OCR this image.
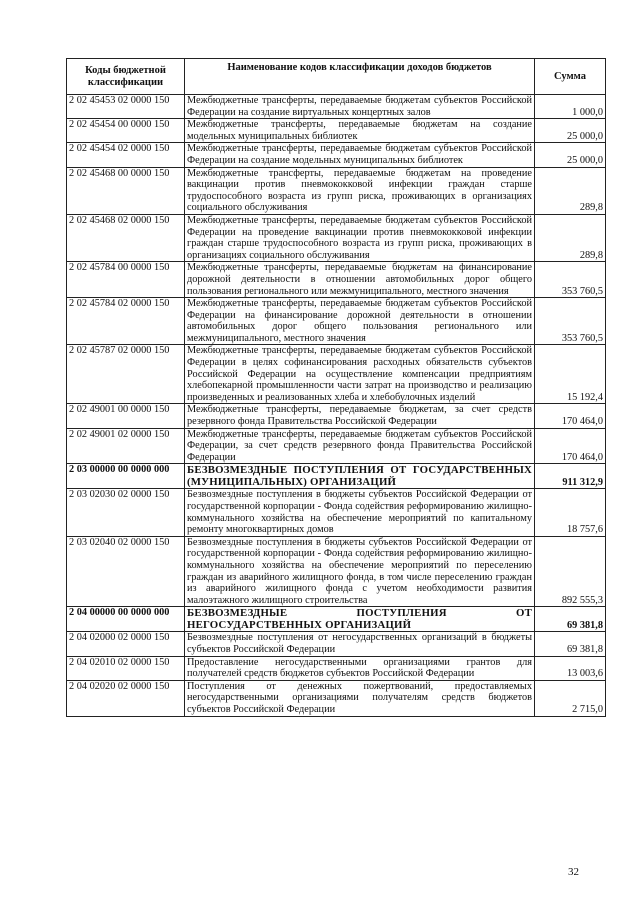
Коды бюджетной классификации	Наименование кодов классификации доходов бюджетов	Сумма
2 02 45453 02 0000 150	Межбюджетные трансферты, передаваемые бюджетам субъектов Российской Федерации на создание виртуальных концертных залов	1 000,0
2 02 45454 00 0000 150	Межбюджетные трансферты, передаваемые бюджетам на создание модельных муниципальных библиотек	25 000,0
2 02 45454 02 0000 150	Межбюджетные трансферты, передаваемые бюджетам субъектов Российской Федерации на создание модельных муниципальных библиотек	25 000,0
2 02 45468 00 0000 150	Межбюджетные трансферты, передаваемые бюджетам на проведение вакцинации против пневмококковой инфекции граждан старше трудоспособного возраста из групп риска, проживающих в организациях социального обслуживания	289,8
2 02 45468 02 0000 150	Межбюджетные трансферты, передаваемые бюджетам субъектов Российской Федерации на проведение вакцинации против пневмококковой инфекции граждан старше трудоспособного возраста из групп риска, проживающих в организациях социального обслуживания	289,8
2 02 45784 00 0000 150	Межбюджетные трансферты, передаваемые бюджетам на финансирование дорожной деятельности в отношении автомобильных дорог общего пользования регионального или межмуниципального, местного значения	353 760,5
2 02 45784 02 0000 150	Межбюджетные трансферты, передаваемые бюджетам субъектов Российской Федерации на финансирование дорожной деятельности в отношении автомобильных дорог общего пользования регионального или межмуниципального, местного значения	353 760,5
2 02 45787 02 0000 150	Межбюджетные трансферты, передаваемые бюджетам субъектов Российской Федерации в целях софинансирования расходных обязательств субъектов Российской Федерации на осуществление компенсации предприятиям хлебопекарной промышленности части затрат на производство и реализацию произведенных и реализованных хлеба и хлебобулочных изделий	15 192,4
2 02 49001 00 0000 150	Межбюджетные трансферты, передаваемые бюджетам, за счет средств резервного фонда Правительства Российской Федерации	170 464,0
2 02 49001 02 0000 150	Межбюджетные трансферты, передаваемые бюджетам субъектов Российской Федерации, за счет средств резервного фонда Правительства Российской Федерации	170 464,0
2 03 00000 00 0000 000	БЕЗВОЗМЕЗДНЫЕ ПОСТУПЛЕНИЯ ОТ ГОСУДАРСТВЕННЫХ (МУНИЦИПАЛЬНЫХ) ОРГАНИЗАЦИЙ	911 312,9
2 03 02030 02 0000 150	Безвозмездные поступления в бюджеты субъектов Российской Федерации от государственной корпорации - Фонда содействия реформированию жилищно-коммунального хозяйства на обеспечение мероприятий по капитальному ремонту многоквартирных домов	18 757,6
2 03 02040 02 0000 150	Безвозмездные поступления в бюджеты субъектов Российской Федерации от государственной корпорации - Фонда содействия реформированию жилищно-коммунального хозяйства на обеспечение мероприятий по переселению граждан из аварийного жилищного фонда, в том числе переселению граждан из аварийного жилищного фонда с учетом необходимости развития малоэтажного жилищного строительства	892 555,3
2 04 00000 00 0000 000	БЕЗВОЗМЕЗДНЫЕ ПОСТУПЛЕНИЯ ОТ НЕГОСУДАРСТВЕННЫХ ОРГАНИЗАЦИЙ	69 381,8
2 04 02000 02 0000 150	Безвозмездные поступления от негосударственных организаций в бюджеты субъектов Российской Федерации	69 381,8
2 04 02010 02 0000 150	Предоставление негосударственными организациями грантов для получателей средств бюджетов субъектов Российской Федерации	13 003,6
2 04 02020 02 0000 150	Поступления от денежных пожертвований, предоставляемых негосударственными организациями получателям средств бюджетов субъектов Российской Федерации	2 715,0
32
